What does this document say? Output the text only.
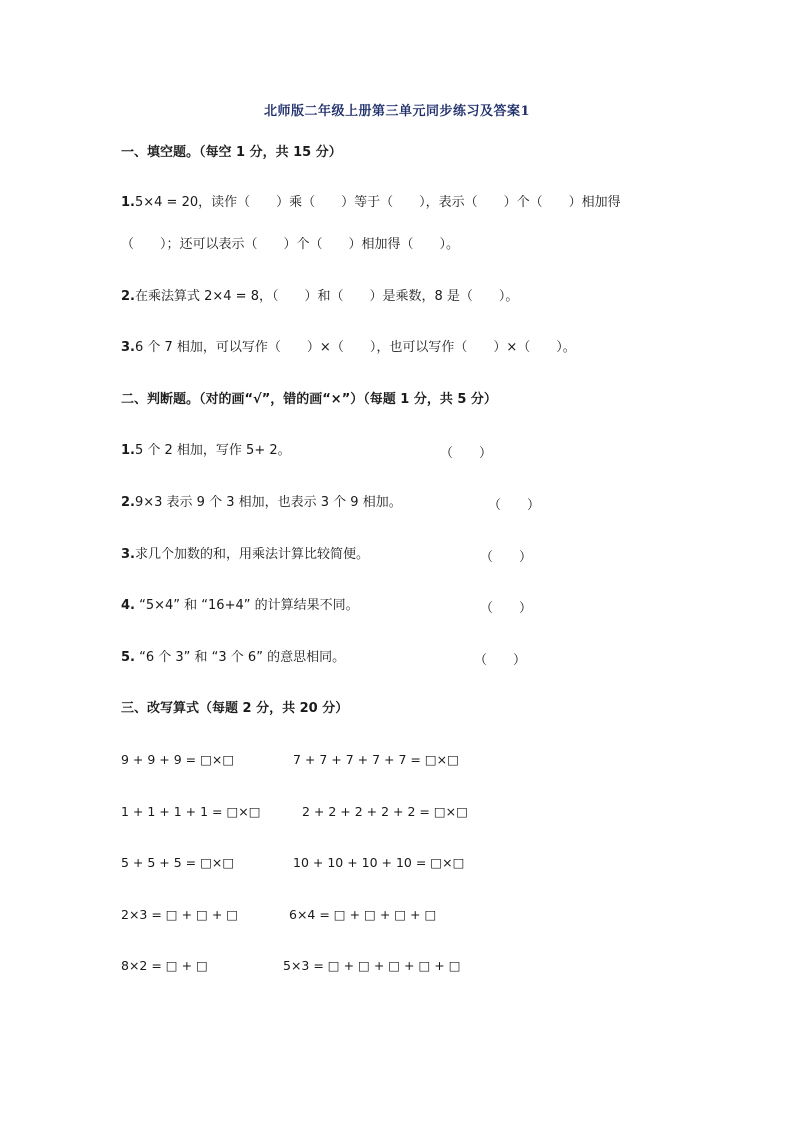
北师版二年级上册第三单元同步练习及答案1
一、填空题。（每空 1 分，共 15 分）
1.5×4 = 20，读作（　　）乘（　　）等于（　　），表示（　　）个（　　）相加得
（　　）；还可以表示（　　）个（　　）相加得（　　）。
2.在乘法算式 2×4 = 8，（　　）和（　　）是乘数，8 是（　　）。
3.6 个 7 相加，可以写作（　　）×（　　），也可以写作（　　）×（　　）。
二、判断题。（对的画“√”，错的画“×”）（每题 1 分，共 5 分）
1.5 个 2 相加，写作 5+ 2。	（　　）
2.9×3 表示 9 个 3 相加，也表示 3 个 9 相加。	（　　）
3.求几个加数的和，用乘法计算比较简便。	（　　）
4. “5×4” 和 “16+4” 的计算结果不同。	（　　）
5. “6 个 3” 和 “3 个 6” 的意思相同。	（　　）
三、改写算式（每题 2 分，共 20 分）
9 + 9 + 9 = □×□	7 + 7 + 7 + 7 + 7 = □×□
1 + 1 + 1 + 1 = □×□	2 + 2 + 2 + 2 + 2 = □×□
5 + 5 + 5 = □×□	10 + 10 + 10 + 10 = □×□
2×3 = □ + □ + □	6×4 = □ + □ + □ + □
8×2 = □ + □	5×3 = □ + □ + □ + □ + □
